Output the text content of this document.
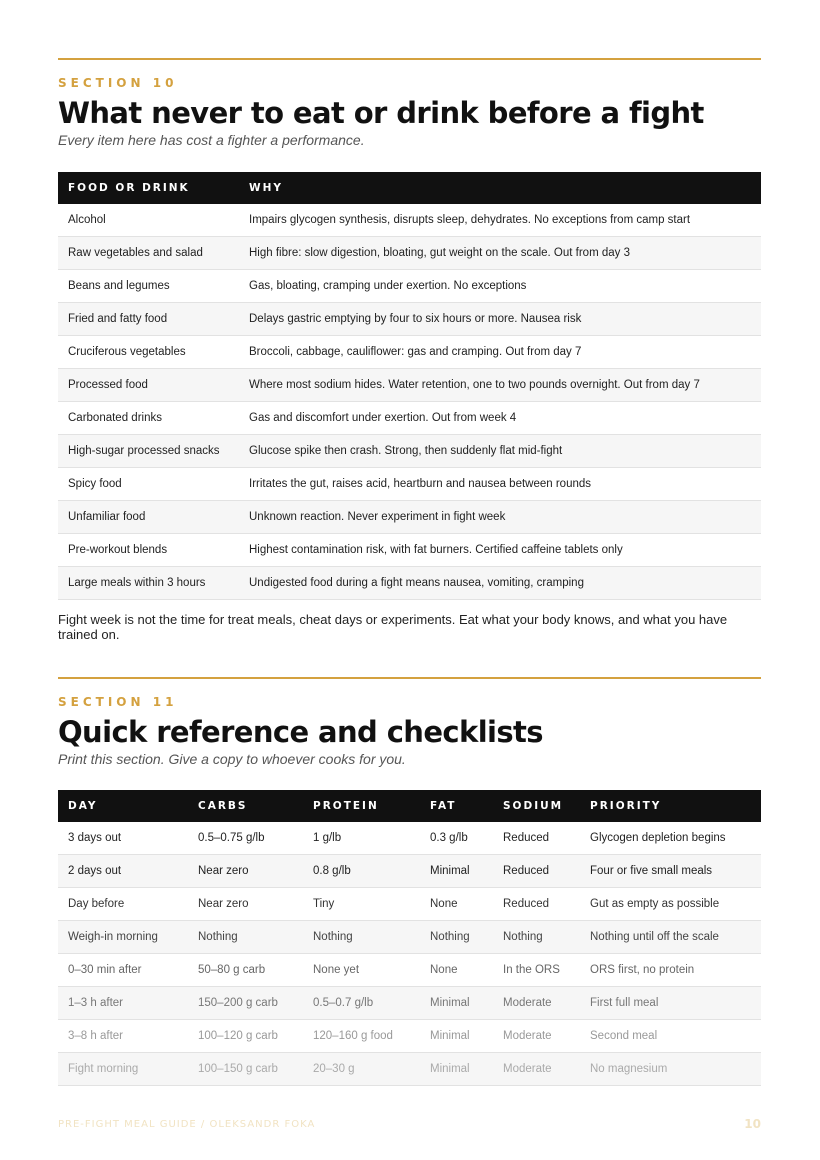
SECTION 10
What never to eat or drink before a fight

Every item here has cost a fighter a performance.

FOOD OR DRINK	WHY
Alcohol	Impairs glycogen synthesis, disrupts sleep, dehydrates. No exceptions from camp start
Raw vegetables and salad	High fibre: slow digestion, bloating, gut weight on the scale. Out from day 3
Beans and legumes	Gas, bloating, cramping under exertion. No exceptions
Fried and fatty food	Delays gastric emptying by four to six hours or more. Nausea risk
Cruciferous vegetables	Broccoli, cabbage, cauliflower: gas and cramping. Out from day 7
Processed food	Where most sodium hides. Water retention, one to two pounds overnight. Out from day 7
Carbonated drinks	Gas and discomfort under exertion. Out from week 4
High-sugar processed snacks	Glucose spike then crash. Strong, then suddenly flat mid-fight
Spicy food	Irritates the gut, raises acid, heartburn and nausea between rounds
Unfamiliar food	Unknown reaction. Never experiment in fight week
Pre-workout blends	Highest contamination risk, with fat burners. Certified caffeine tablets only
Large meals within 3 hours	Undigested food during a fight means nausea, vomiting, cramping

Fight week is not the time for treat meals, cheat days or experiments. Eat what your body knows, and what you have trained on.

SECTION 11
Quick reference and checklists

Print this section. Give a copy to whoever cooks for you.

DAY	CARBS	PROTEIN	FAT	SODIUM	PRIORITY
3 days out	0.5–0.75 g/lb	1 g/lb	0.3 g/lb	Reduced	Glycogen depletion begins
2 days out	Near zero	0.8 g/lb	Minimal	Reduced	Four or five small meals
Day before	Near zero	Tiny	None	Reduced	Gut as empty as possible
Weigh-in morning	Nothing	Nothing	Nothing	Nothing	Nothing until off the scale
0–30 min after	50–80 g carb	None yet	None	In the ORS	ORS first, no protein
1–3 h after	150–200 g carb	0.5–0.7 g/lb	Minimal	Moderate	First full meal
3–8 h after	100–120 g carb	120–160 g food	Minimal	Moderate	Second meal
Fight morning	100–150 g carb	20–30 g	Minimal	Moderate	No magnesium
PRE-FIGHT MEAL GUIDE / OLEKSANDR FOKA	10
